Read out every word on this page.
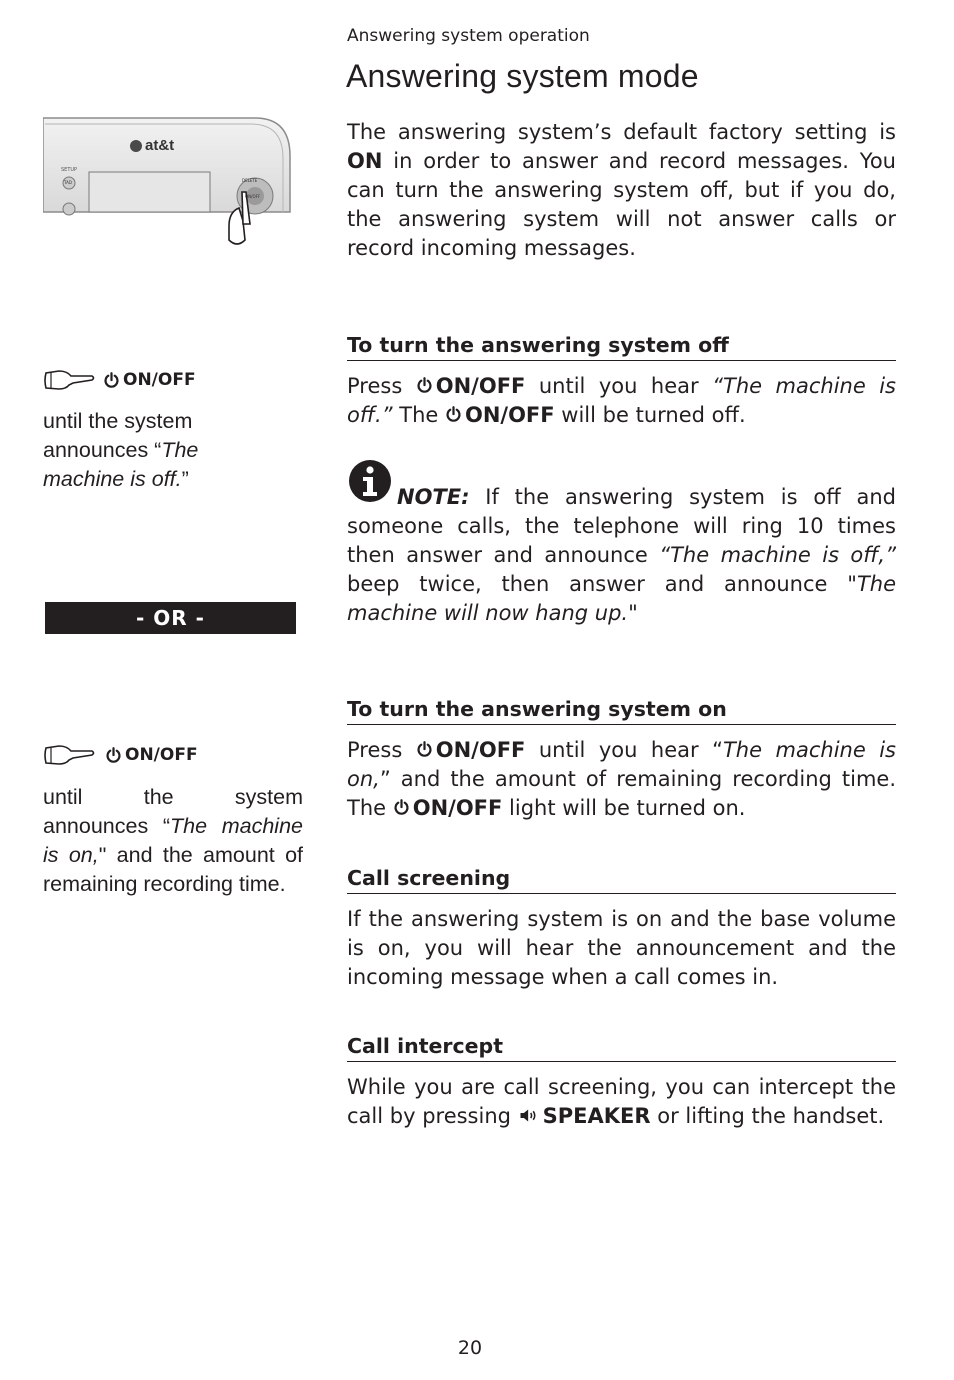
Answering system operation
Answering system mode
at&t
SETUP
TAD	DELETE
ON/OFF

The answering system’s default factory setting is ON in order to answer and record messages. You can turn the answering system off, but if you do, the answering system will not answer calls or record incoming messages.

To turn the answering system off

Press ON/OFF until you hear “The machine is off.” The ON/OFF will be turned off.

NOTE: If the answering system is off and someone calls, the telephone will ring 10 times then answer and announce “The machine is off,” beep twice, then answer and announce "The machine will now hang up."

To turn the answering system on

Press ON/OFF until you hear “The machine is on,” and the amount of remaining recording time. The ON/OFF light will be turned on.

Call screening

If the answering system is on and the base volume is on, you will hear the announcement and the incoming message when a call comes in.

Call intercept

While you are call screening, you can intercept the call by pressing SPEAKER or lifting the handset.

ON/OFF

until the system announces “The machine is off.”

- OR -
ON/OFF

until the system announces “The machine is on," and the amount of remaining recording time.

20
